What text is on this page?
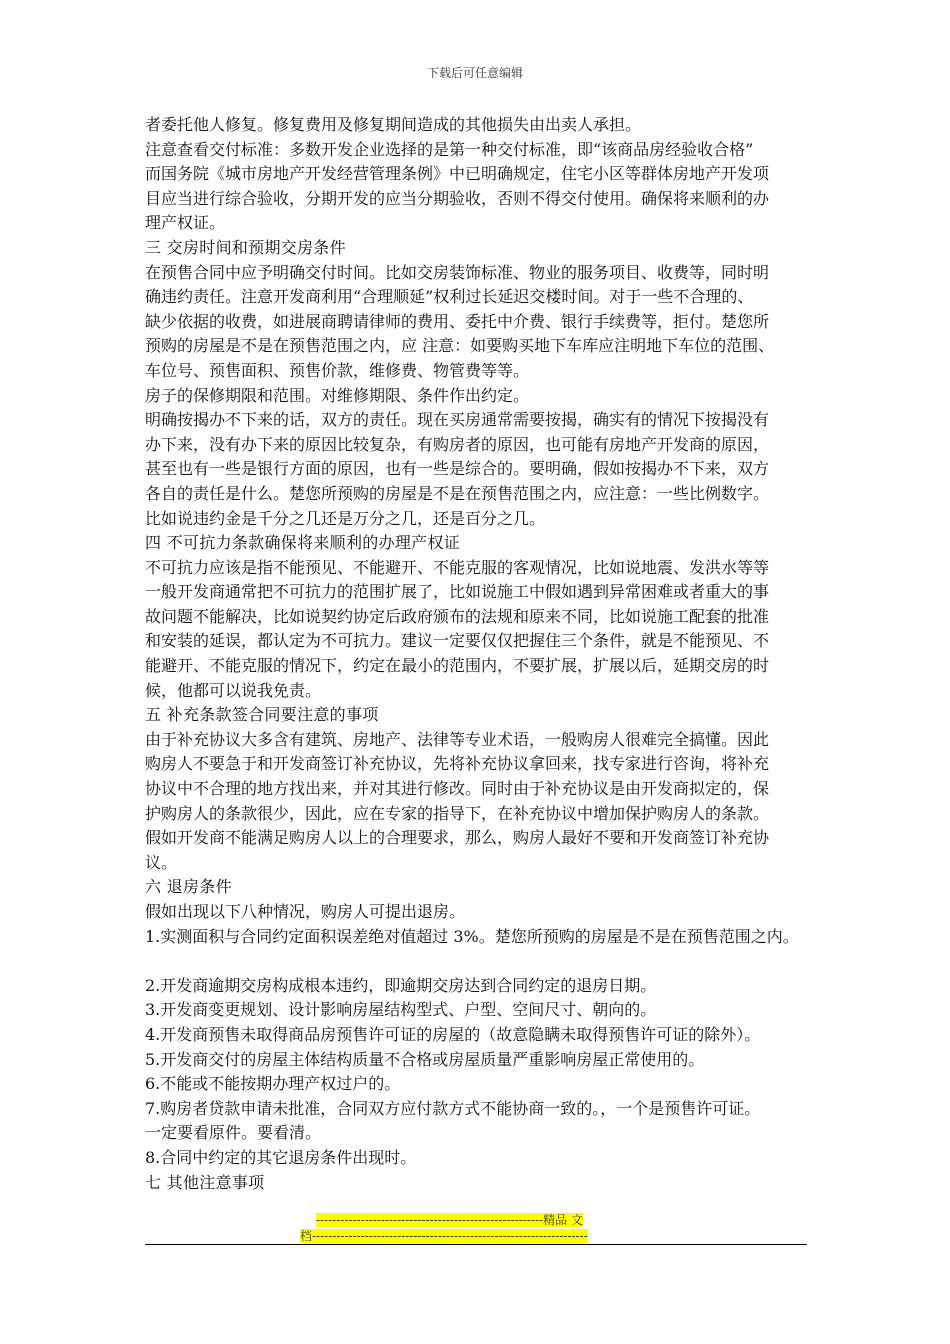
下载后可任意编辑
者委托他人修复。修复费用及修复期间造成的其他损失由出卖人承担。
注意查看交付标准：多数开发企业选择的是第一种交付标准，即“该商品房经验收合格”
而国务院《城市房地产开发经营管理条例》中已明确规定，住宅小区等群体房地产开发项
目应当进行综合验收，分期开发的应当分期验收，否则不得交付使用。确保将来顺利的办
理产权证。
三 交房时间和预期交房条件
在预售合同中应予明确交付时间。比如交房装饰标准、物业的服务项目、收费等，同时明
确违约责任。注意开发商利用“合理顺延”权利过长延迟交楼时间。对于一些不合理的、
缺少依据的收费，如进展商聘请律师的费用、委托中介费、银行手续费等，拒付。楚您所
预购的房屋是不是在预售范围之内，应 注意：如要购买地下车库应注明地下车位的范围、
车位号、预售面积、预售价款，维修费、物管费等等。
房子的保修期限和范围。对维修期限、条件作出约定。
明确按揭办不下来的话，双方的责任。现在买房通常需要按揭，确实有的情况下按揭没有
办下来，没有办下来的原因比较复杂，有购房者的原因，也可能有房地产开发商的原因，
甚至也有一些是银行方面的原因，也有一些是综合的。要明确，假如按揭办不下来，双方
各自的责任是什么。楚您所预购的房屋是不是在预售范围之内，应注意：一些比例数字。
比如说违约金是千分之几还是万分之几，还是百分之几。
四 不可抗力条款确保将来顺利的办理产权证
不可抗力应该是指不能预见、不能避开、不能克服的客观情况，比如说地震、发洪水等等
一般开发商通常把不可抗力的范围扩展了，比如说施工中假如遇到异常困难或者重大的事
故问题不能解决，比如说契约协定后政府颁布的法规和原来不同，比如说施工配套的批准
和安装的延误，都认定为不可抗力。建议一定要仅仅把握住三个条件，就是不能预见、不
能避开、不能克服的情况下，约定在最小的范围内，不要扩展，扩展以后，延期交房的时
候，他都可以说我免责。
五 补充条款签合同要注意的事项
由于补充协议大多含有建筑、房地产、法律等专业术语，一般购房人很难完全搞懂。因此
购房人不要急于和开发商签订补充协议，先将补充协议拿回来，找专家进行咨询，将补充
协议中不合理的地方找出来，并对其进行修改。同时由于补充协议是由开发商拟定的，保
护购房人的条款很少，因此，应在专家的指导下，在补充协议中增加保护购房人的条款。
假如开发商不能满足购房人以上的合理要求，那么，购房人最好不要和开发商签订补充协
议。
六 退房条件
假如出现以下八种情况，购房人可提出退房。
1.实测面积与合同约定面积误差绝对值超过 3%。楚您所预购的房屋是不是在预售范围之内。
2.开发商逾期交房构成根本违约，即逾期交房达到合同约定的退房日期。
3.开发商变更规划、设计影响房屋结构型式、户型、空间尺寸、朝向的。
4.开发商预售未取得商品房预售许可证的房屋的（故意隐瞒未取得预售许可证的除外）。
5.开发商交付的房屋主体结构质量不合格或房屋质量严重影响房屋正常使用的。
6.不能或不能按期办理产权过户的。
7.购房者贷款申请未批准，合同双方应付款方式不能协商一致的。，一个是预售许可证。
一定要看原件。要看清。
8.合同中约定的其它退房条件出现时。
七 其他注意事项
--------------------------------------------------------精品 文
档--------------------------------------------------------------------
